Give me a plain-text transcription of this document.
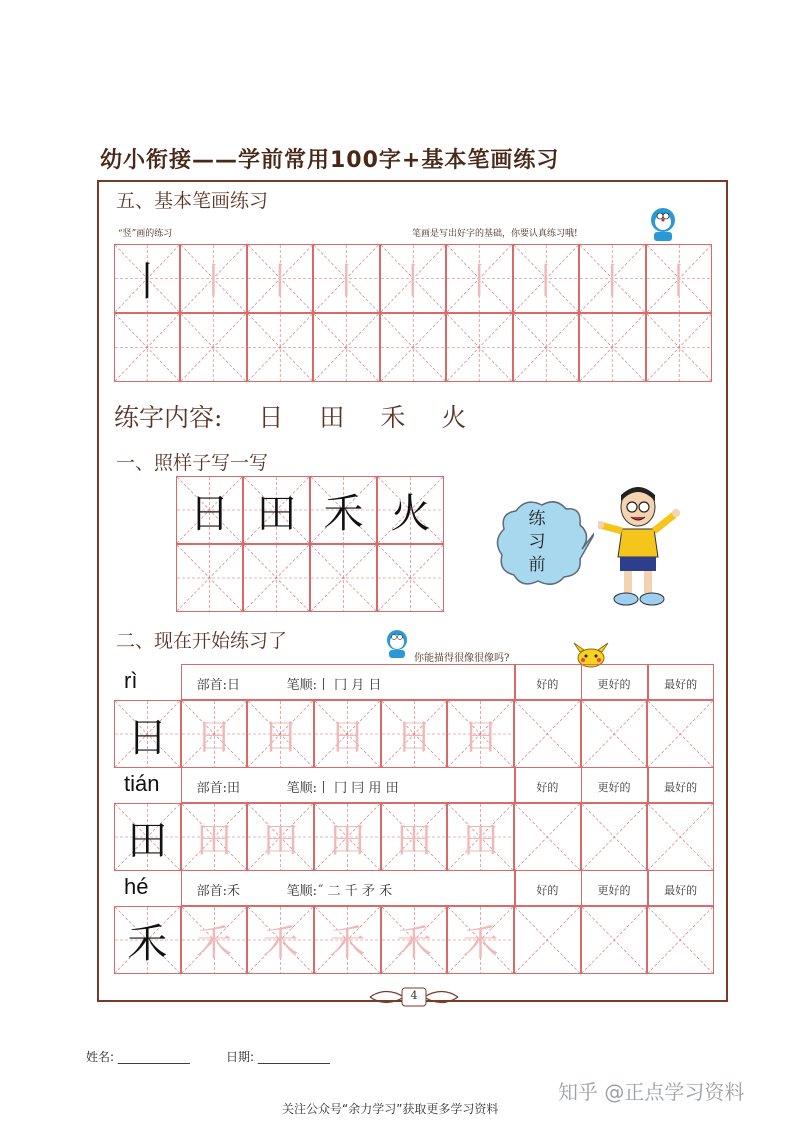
幼小衔接——学前常用100字+基本笔画练习
五、基本笔画练习
“竖”画的练习	笔画是写出好字的基础，你要认真练习哦!
丨 丨 丨 丨 丨 丨 丨 丨 丨
练字内容: 日 田 禾 火
一、照样子写一写
日 田 禾 火	练
习
前
二、现在开始练习了
你能描得很像很像吗?
rì	部首:日	笔顺:丨 冂 月 日	好的	更好的	最好的
日 日 日 日 日 日
tián	部首:田	笔顺:丨 冂 冃 用 田	好的	更好的	最好的
田 田 田 田 田 田
hé	部首:禾	笔顺:˝ 二 千 矛 禾	好的	更好的	最好的
禾 禾 禾 禾 禾 禾
4
姓名: ____________	日期: ____________
知乎 @正点学习资料
关注公众号“余力学习”获取更多学习资料
